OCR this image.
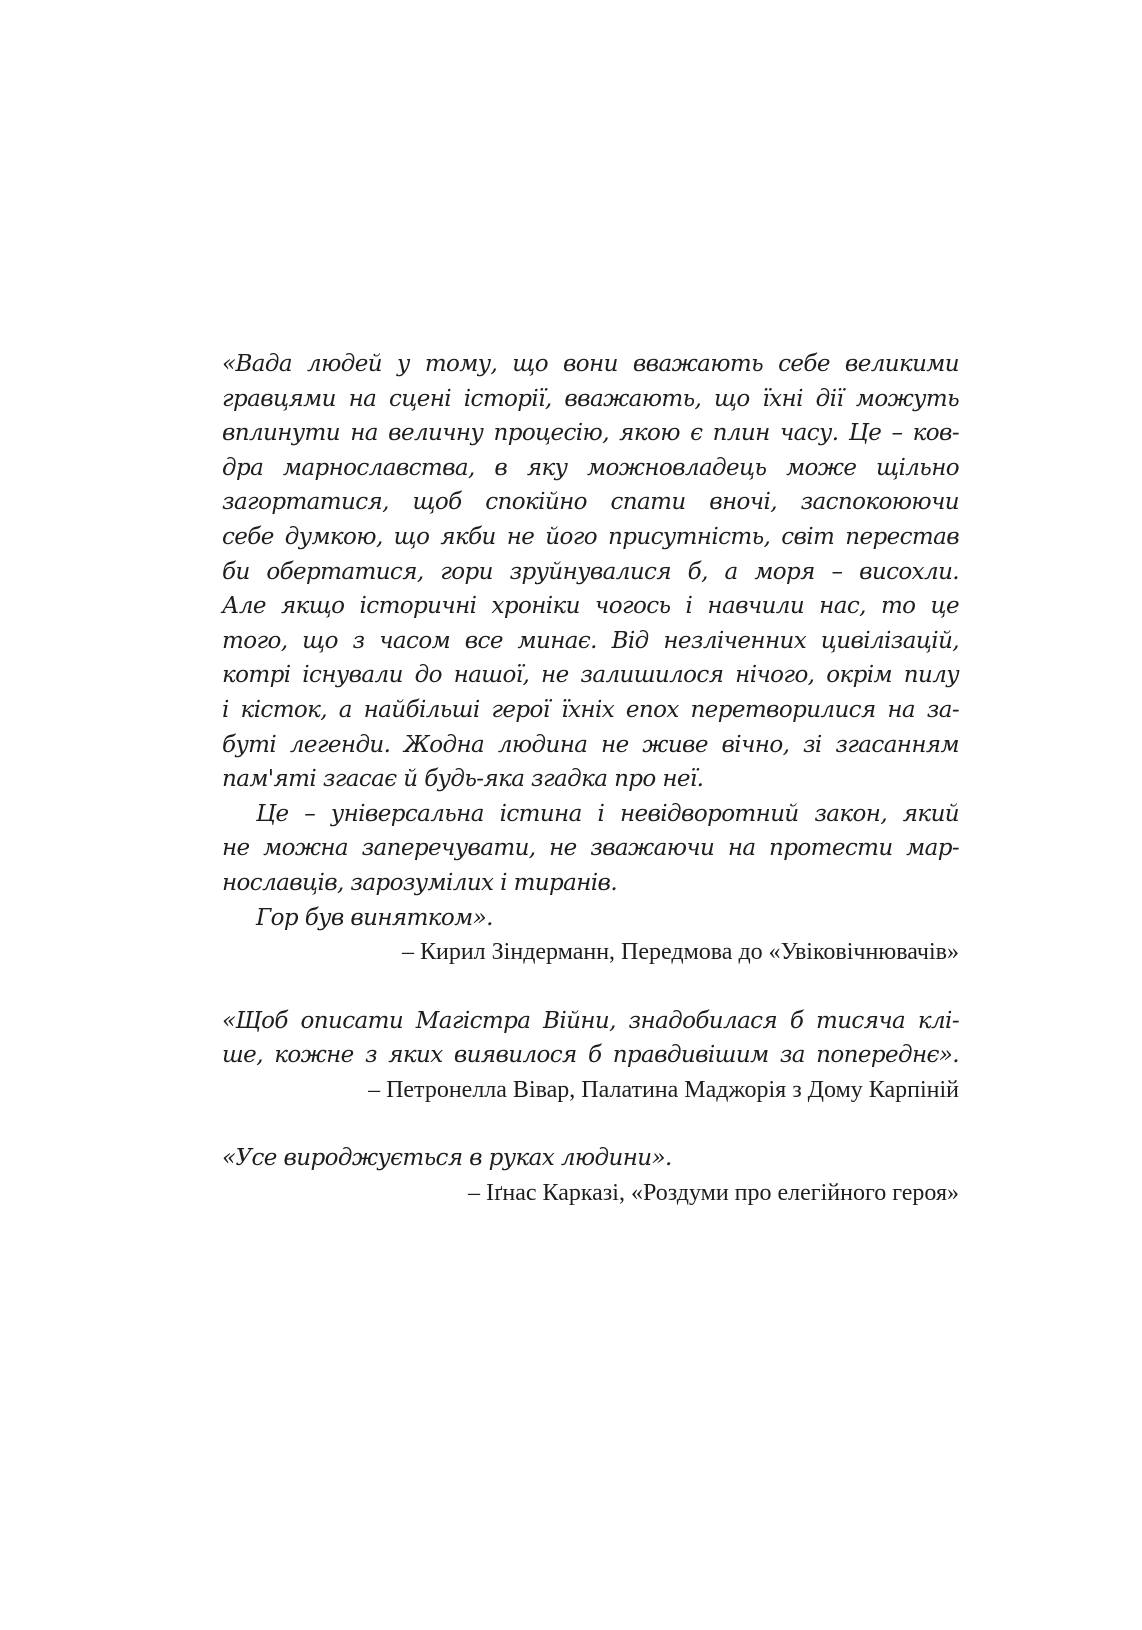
«Вада людей у тому, що вони вважають себе великими
гравцями на сцені історії, вважають, що їхні дії можуть
вплинути на величну процесію, якою є плин часу. Це – ков-
дра марнославства, в яку можновладець може щільно
загортатися, щоб спокійно спати вночі, заспокоюючи
себе думкою, що якби не його присутність, світ перестав
би обертатися, гори зруйнувалися б, а моря – висохли.
Але якщо історичні хроніки чогось і навчили нас, то це
того, що з часом все минає. Від незліченних цивілізацій,
котрі існували до нашої, не залишилося нічого, окрім пилу
і кісток, а найбільші герої їхніх епох перетворилися на за-
буті легенди. Жодна людина не живе вічно, зі згасанням
пам'яті згасає й будь-яка згадка про неї.
Це – універсальна істина і невідворотний закон, який
не можна заперечувати, не зважаючи на протести мар-
нославців, зарозумілих і тиранів.
Гор був винятком».
– Кирил Зіндерманн, Передмова до «Увіковічнювачів»
«Щоб описати Магістра Війни, знадобилася б тисяча клі-
ше, кожне з яких виявилося б правдивішим за попереднє».
– Петронелла Вівар, Палатина Маджорія з Дому Карпіній
«Усе вироджується в руках людини».
– Іґнас Карказі, «Роздуми про елегійного героя»
